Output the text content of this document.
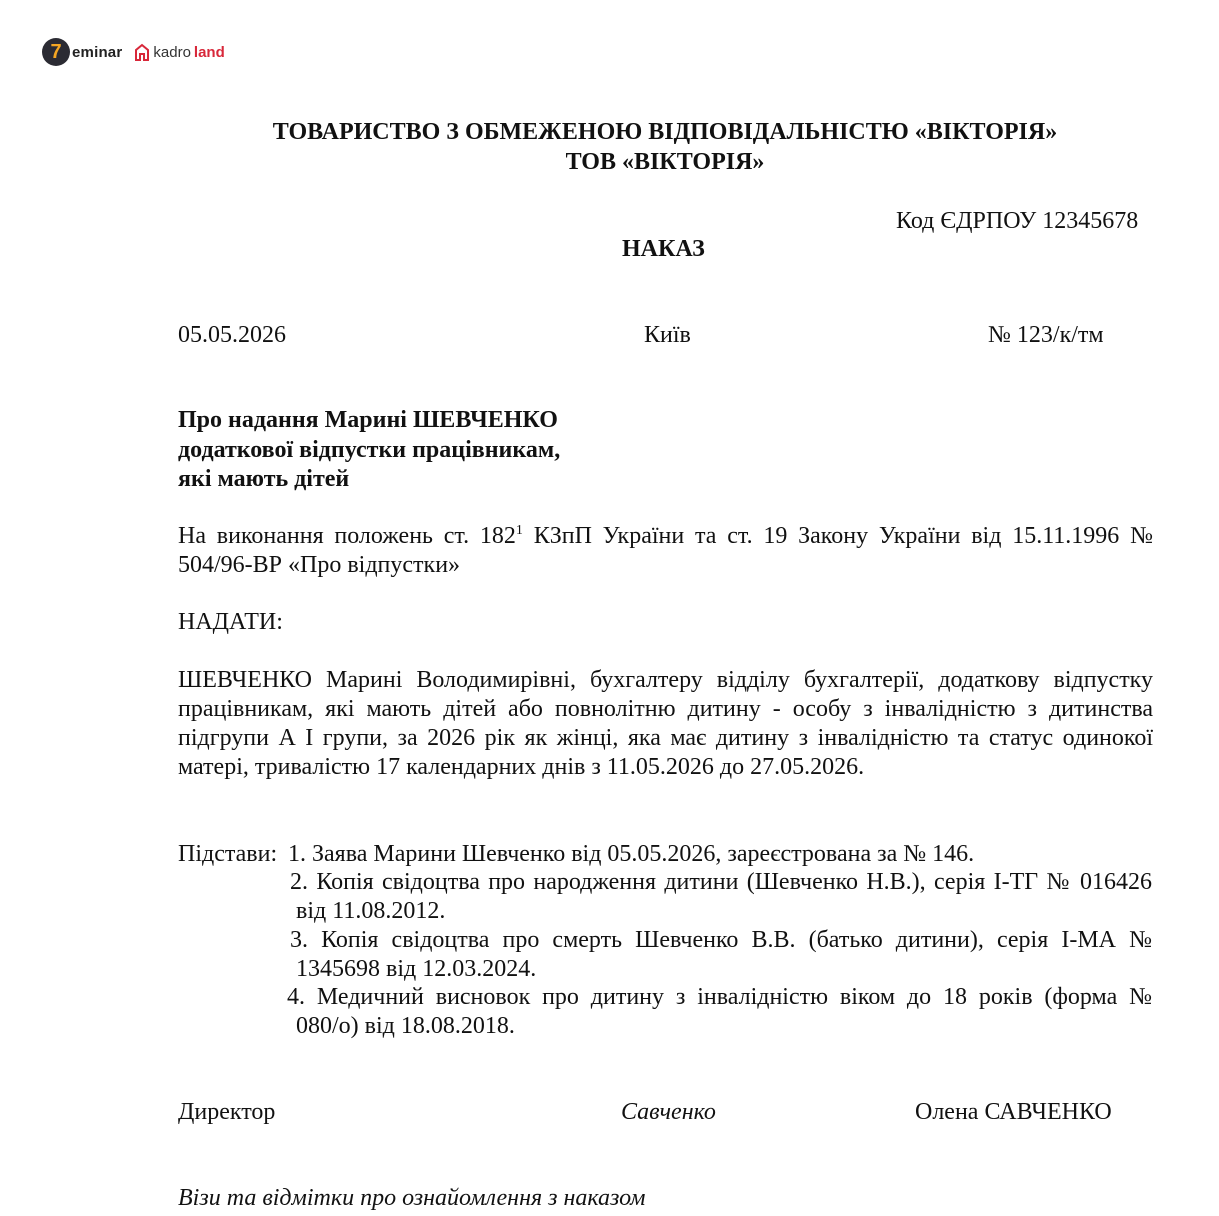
7 eminar kadro land
ТОВАРИСТВО З ОБМЕЖЕНОЮ ВІДПОВІДАЛЬНІСТЮ «ВІКТОРІЯ»
ТОВ «ВІКТОРІЯ»
Код ЄДРПОУ 12345678
НАКАЗ
05.05.2026	Київ	№ 123/к/тм
Про надання Марині ШЕВЧЕНКО
додаткової відпустки працівникам,
які мають дітей
На виконання положень ст. $182^1$ КЗпП України та ст. 19 Закону України від 15.11.1996 № 504/96-ВР «Про відпустки»
НАДАТИ:
ШЕВЧЕНКО Марині Володимирівні, бухгалтеру відділу бухгалтерії, додаткову відпустку працівникам, які мають дітей або повнолітню дитину - особу з інвалідністю з дитинства підгрупи А І групи, за 2026 рік як жінці, яка має дитину з інвалідністю та статус одинокої матері, тривалістю 17 календарних днів з 11.05.2026 до 27.05.2026.
Підстави: 1. Заява Марини Шевченко від 05.05.2026, зареєстрована за № 146.
2. Копія свідоцтва про народження дитини (Шевченко Н.В.), серія І-ТГ № 016426
від 11.08.2012.
3. Копія свідоцтва про смерть Шевченко В.В. (батько дитини), серія І-МА №
1345698 від 12.03.2024.
4. Медичний висновок про дитину з інвалідністю віком до 18 років (форма №
080/о) від 18.08.2018.
Директор	Савченко	Олена САВЧЕНКО
Візи та відмітки про ознайомлення з наказом
